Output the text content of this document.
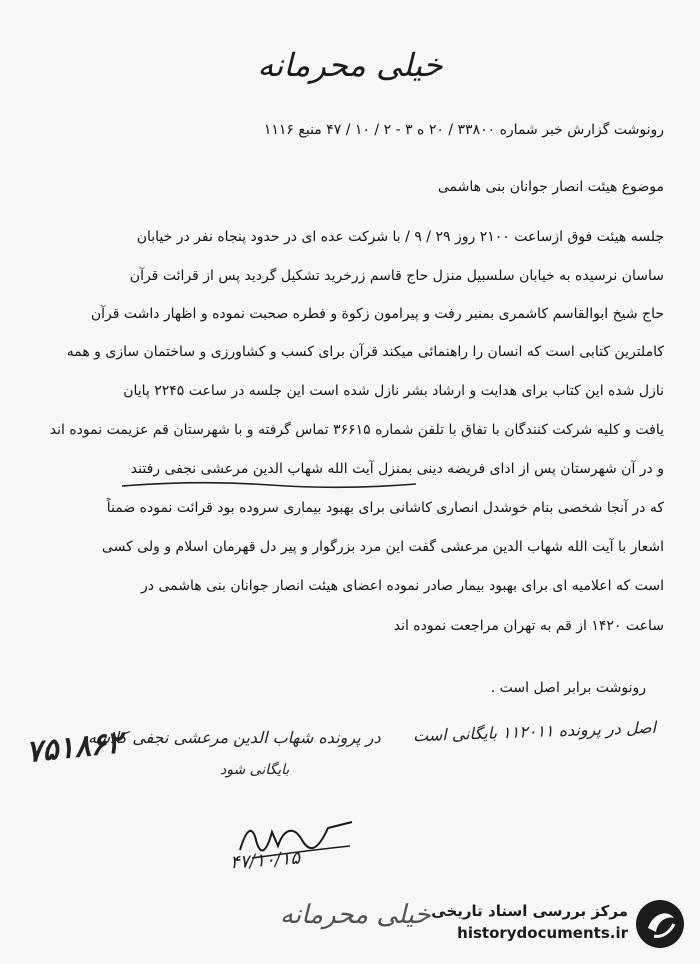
خیلی محرمانه
رونوشت گزارش خبر شماره ۳۳۸۰۰ / ۲۰ ه ۳ - ۲ / ۱۰ / ۴۷ منبع ۱۱۱۶
موضوع هیئت انصار جوانان بنی هاشمی
جلسه هیئت فوق ازساعت ۲۱۰۰ روز ۲۹ / ۹ / با شرکت عده ای در حدود پنجاه نفر در خیابان
ساسان نرسیده به خیابان سلسبیل منزل حاج قاسم زرخرید تشکیل گردید پس از قرائت قرآن
حاج شیخ ابوالقاسم کاشمری بمنبر رفت و پیرامون زکوة و فطره صحبت نموده و اظهار داشت قرآن
کاملترین کتابی است که انسان را راهنمائی میکند قرآن برای کسب و کشاورزی و ساختمان سازی و همه
نازل شده این کتاب برای هدایت و ارشاد بشر نازل شده است این جلسه در ساعت ۲۲۴۵ پایان
یافت و کلیه شرکت کنندگان با تفاق با تلفن شماره ۳۶۶۱۵ تماس گرفته و با شهرستان قم عزیمت نموده اند
و در آن شهرستان پس از ادای فریضه دینی بمنزل آیت الله شهاب الدین مرعشی نجفی رفتند
که در آنجا شخصی بنام خوشدل انصاری کاشانی برای بهبود بیماری سروده بود قرائت نموده ضمناً
اشعار با آیت الله شهاب الدین مرعشی گفت این مرد بزرگوار و پیر دل قهرمان اسلام و ولی کسی
است که اعلامیه ای برای بهبود بیمار صادر نموده اعضای هیئت انصار جوانان بنی هاشمی در
ساعت ۱۴۲۰ از قم به تهران مراجعت نموده اند
رونوشت برابر اصل است .
اصل در پرونده ۱۱۲۰۱۱ بایگانی است
۷۵۱۸۶۲
در پرونده شهاب الدین مرعشی نجفی کلاسه
بایگانی شود
۴۷/۱۰/۱۵
خیلی محرمانه مرکز بررسی اسناد تاریخی
historydocuments.ir
